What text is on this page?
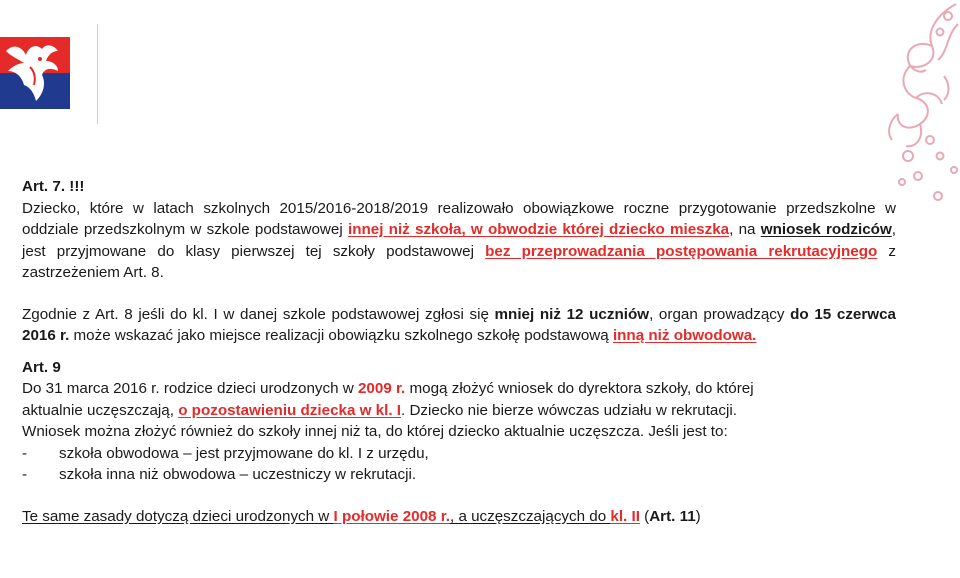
Art. 7. !!!

Dziecko, które w latach szkolnych 2015/2016-2018/2019 realizowało obowiązkowe roczne przygotowanie przedszkolne w oddziale przedszkolnym w szkole podstawowej innej niż szkoła, w obwodzie której dziecko mieszka, na wniosek rodziców, jest przyjmowane do klasy pierwszej tej szkoły podstawowej bez przeprowadzania postępowania rekrutacyjnego z zastrzeżeniem Art. 8.

Zgodnie z Art. 8 jeśli do kl. I w danej szkole podstawowej zgłosi się mniej niż 12 uczniów, organ prowadzący do 15 czerwca 2016 r. może wskazać jako miejsce realizacji obowiązku szkolnego szkołę podstawową inną niż obwodowa.

Art. 9

Do 31 marca 2016 r. rodzice dzieci urodzonych w 2009 r. mogą złożyć wniosek do dyrektora szkoły, do której

aktualnie uczęszczają, o pozostawieniu dziecka w kl. I. Dziecko nie bierze wówczas udziału w rekrutacji.

Wniosek można złożyć również do szkoły innej niż ta, do której dziecko aktualnie uczęszcza. Jeśli jest to:

- szkoła obwodowa – jest przyjmowane do kl. I z urzędu,

- szkoła inna niż obwodowa – uczestniczy w rekrutacji.

Te same zasady dotyczą dzieci urodzonych w I połowie 2008 r., a uczęszczających do kl. II (Art. 11)
